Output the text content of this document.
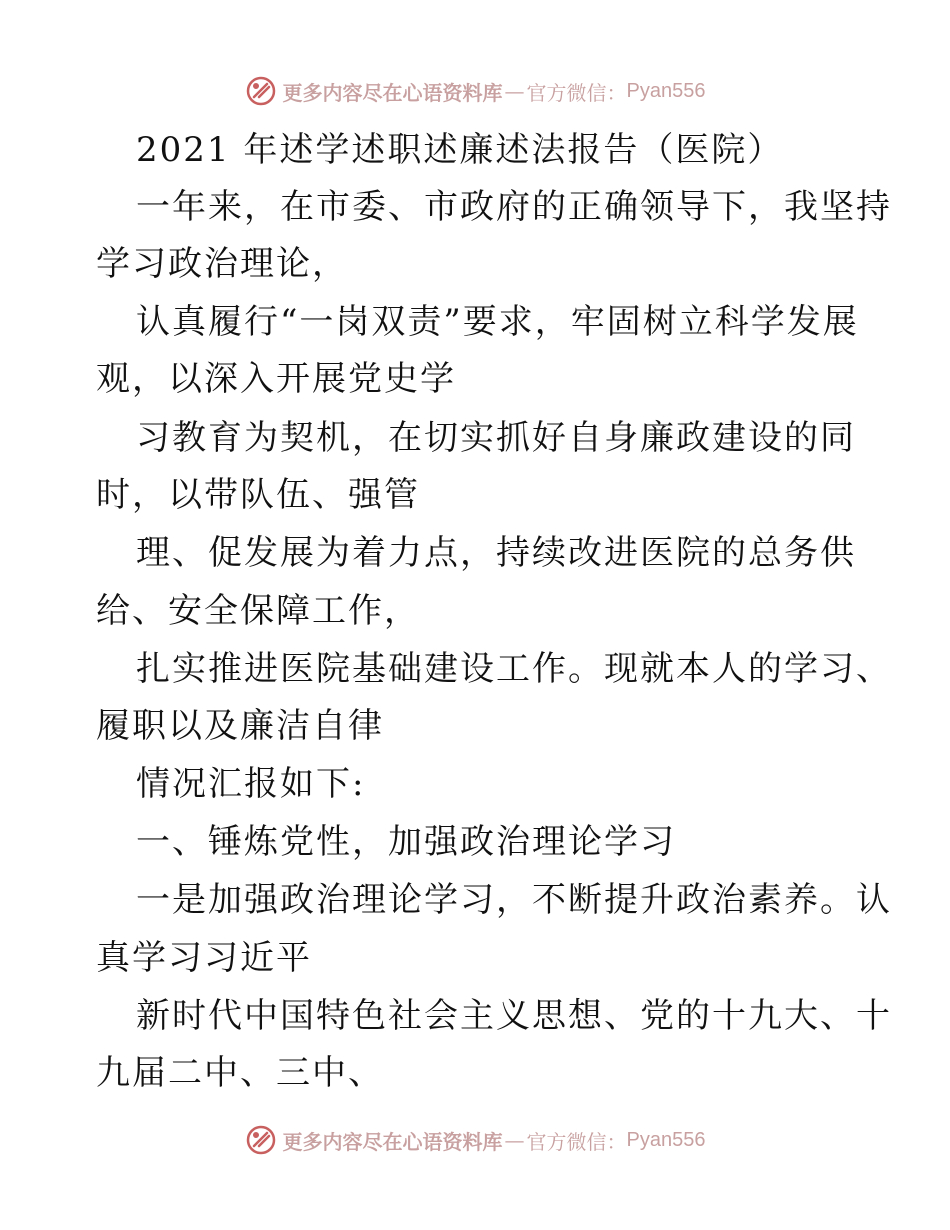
更多内容尽在心语资料库 — 官方微信： Pyan556
2021 年述学述职述廉述法报告（医院）
一年来，在市委、市政府的正确领导下，我坚持
学习政治理论，
认真履行“一岗双责”要求，牢固树立科学发展
观，以深入开展党史学
习教育为契机，在切实抓好自身廉政建设的同
时，以带队伍、强管
理、促发展为着力点，持续改进医院的总务供
给、安全保障工作，
扎实推进医院基础建设工作。现就本人的学习、
履职以及廉洁自律
情况汇报如下:
一、锤炼党性，加强政治理论学习
一是加强政治理论学习，不断提升政治素养。认
真学习习近平
新时代中国特色社会主义思想、党的十九大、十
九届二中、三中、
更多内容尽在心语资料库 — 官方微信： Pyan556
